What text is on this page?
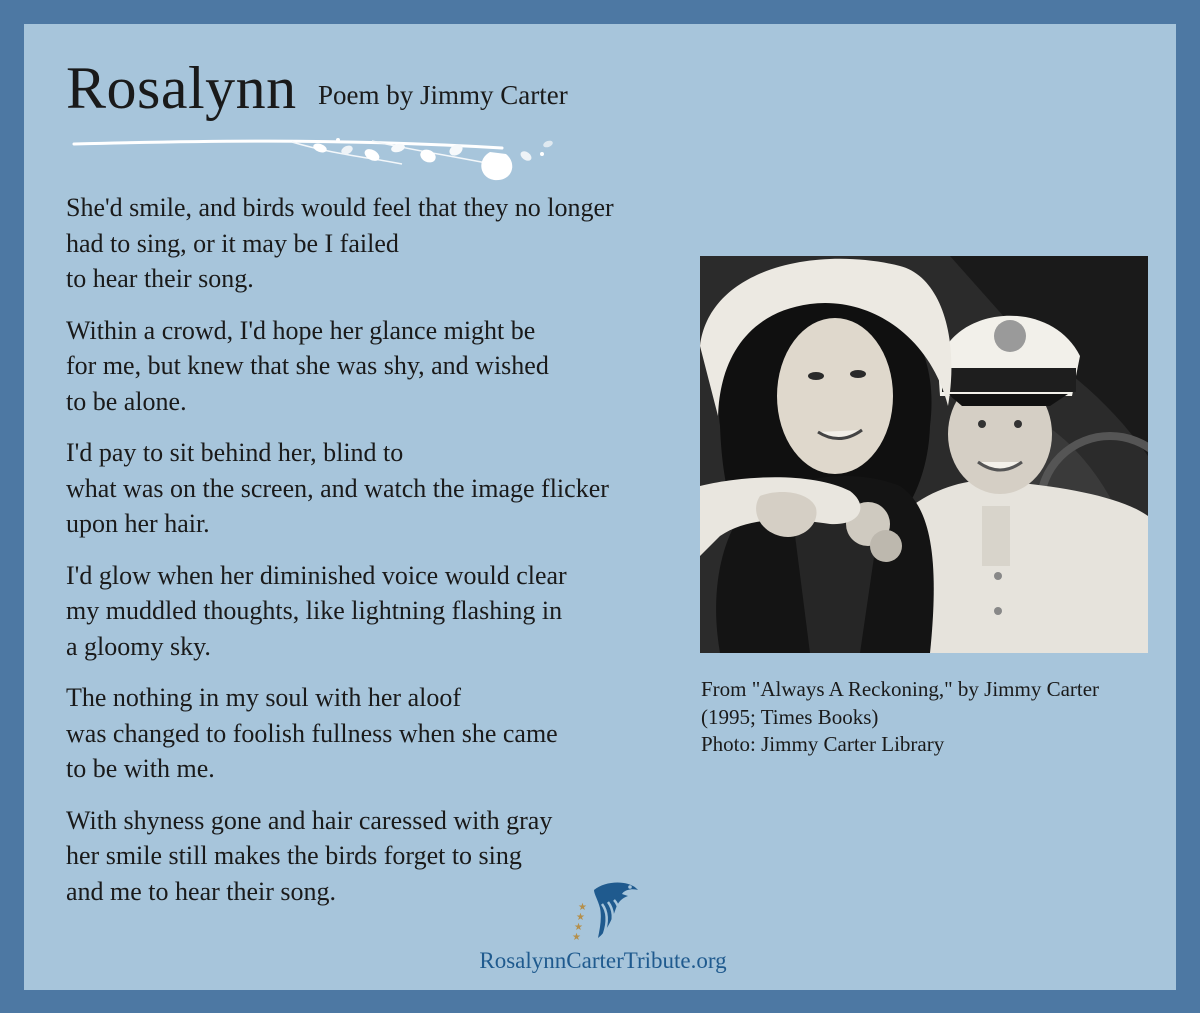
Rosalynn Poem by Jimmy Carter
She'd smile, and birds would feel that they no longer
had to sing, or it may be I failed
to hear their song.
Within a crowd, I'd hope her glance might be
for me, but knew that she was shy, and wished
to be alone.
I'd pay to sit behind her, blind to
what was on the screen, and watch the image flicker
upon her hair.
I'd glow when her diminished voice would clear
my muddled thoughts, like lightning flashing in
a gloomy sky.
The nothing in my soul with her aloof
was changed to foolish fullness when she came
to be with me.
With shyness gone and hair caressed with gray
her smile still makes the birds forget to sing
and me to hear their song.
From "Always A Reckoning," by Jimmy Carter
(1995; Times Books)
Photo: Jimmy Carter Library
★
★
★
★
RosalynnCarterTribute.org
